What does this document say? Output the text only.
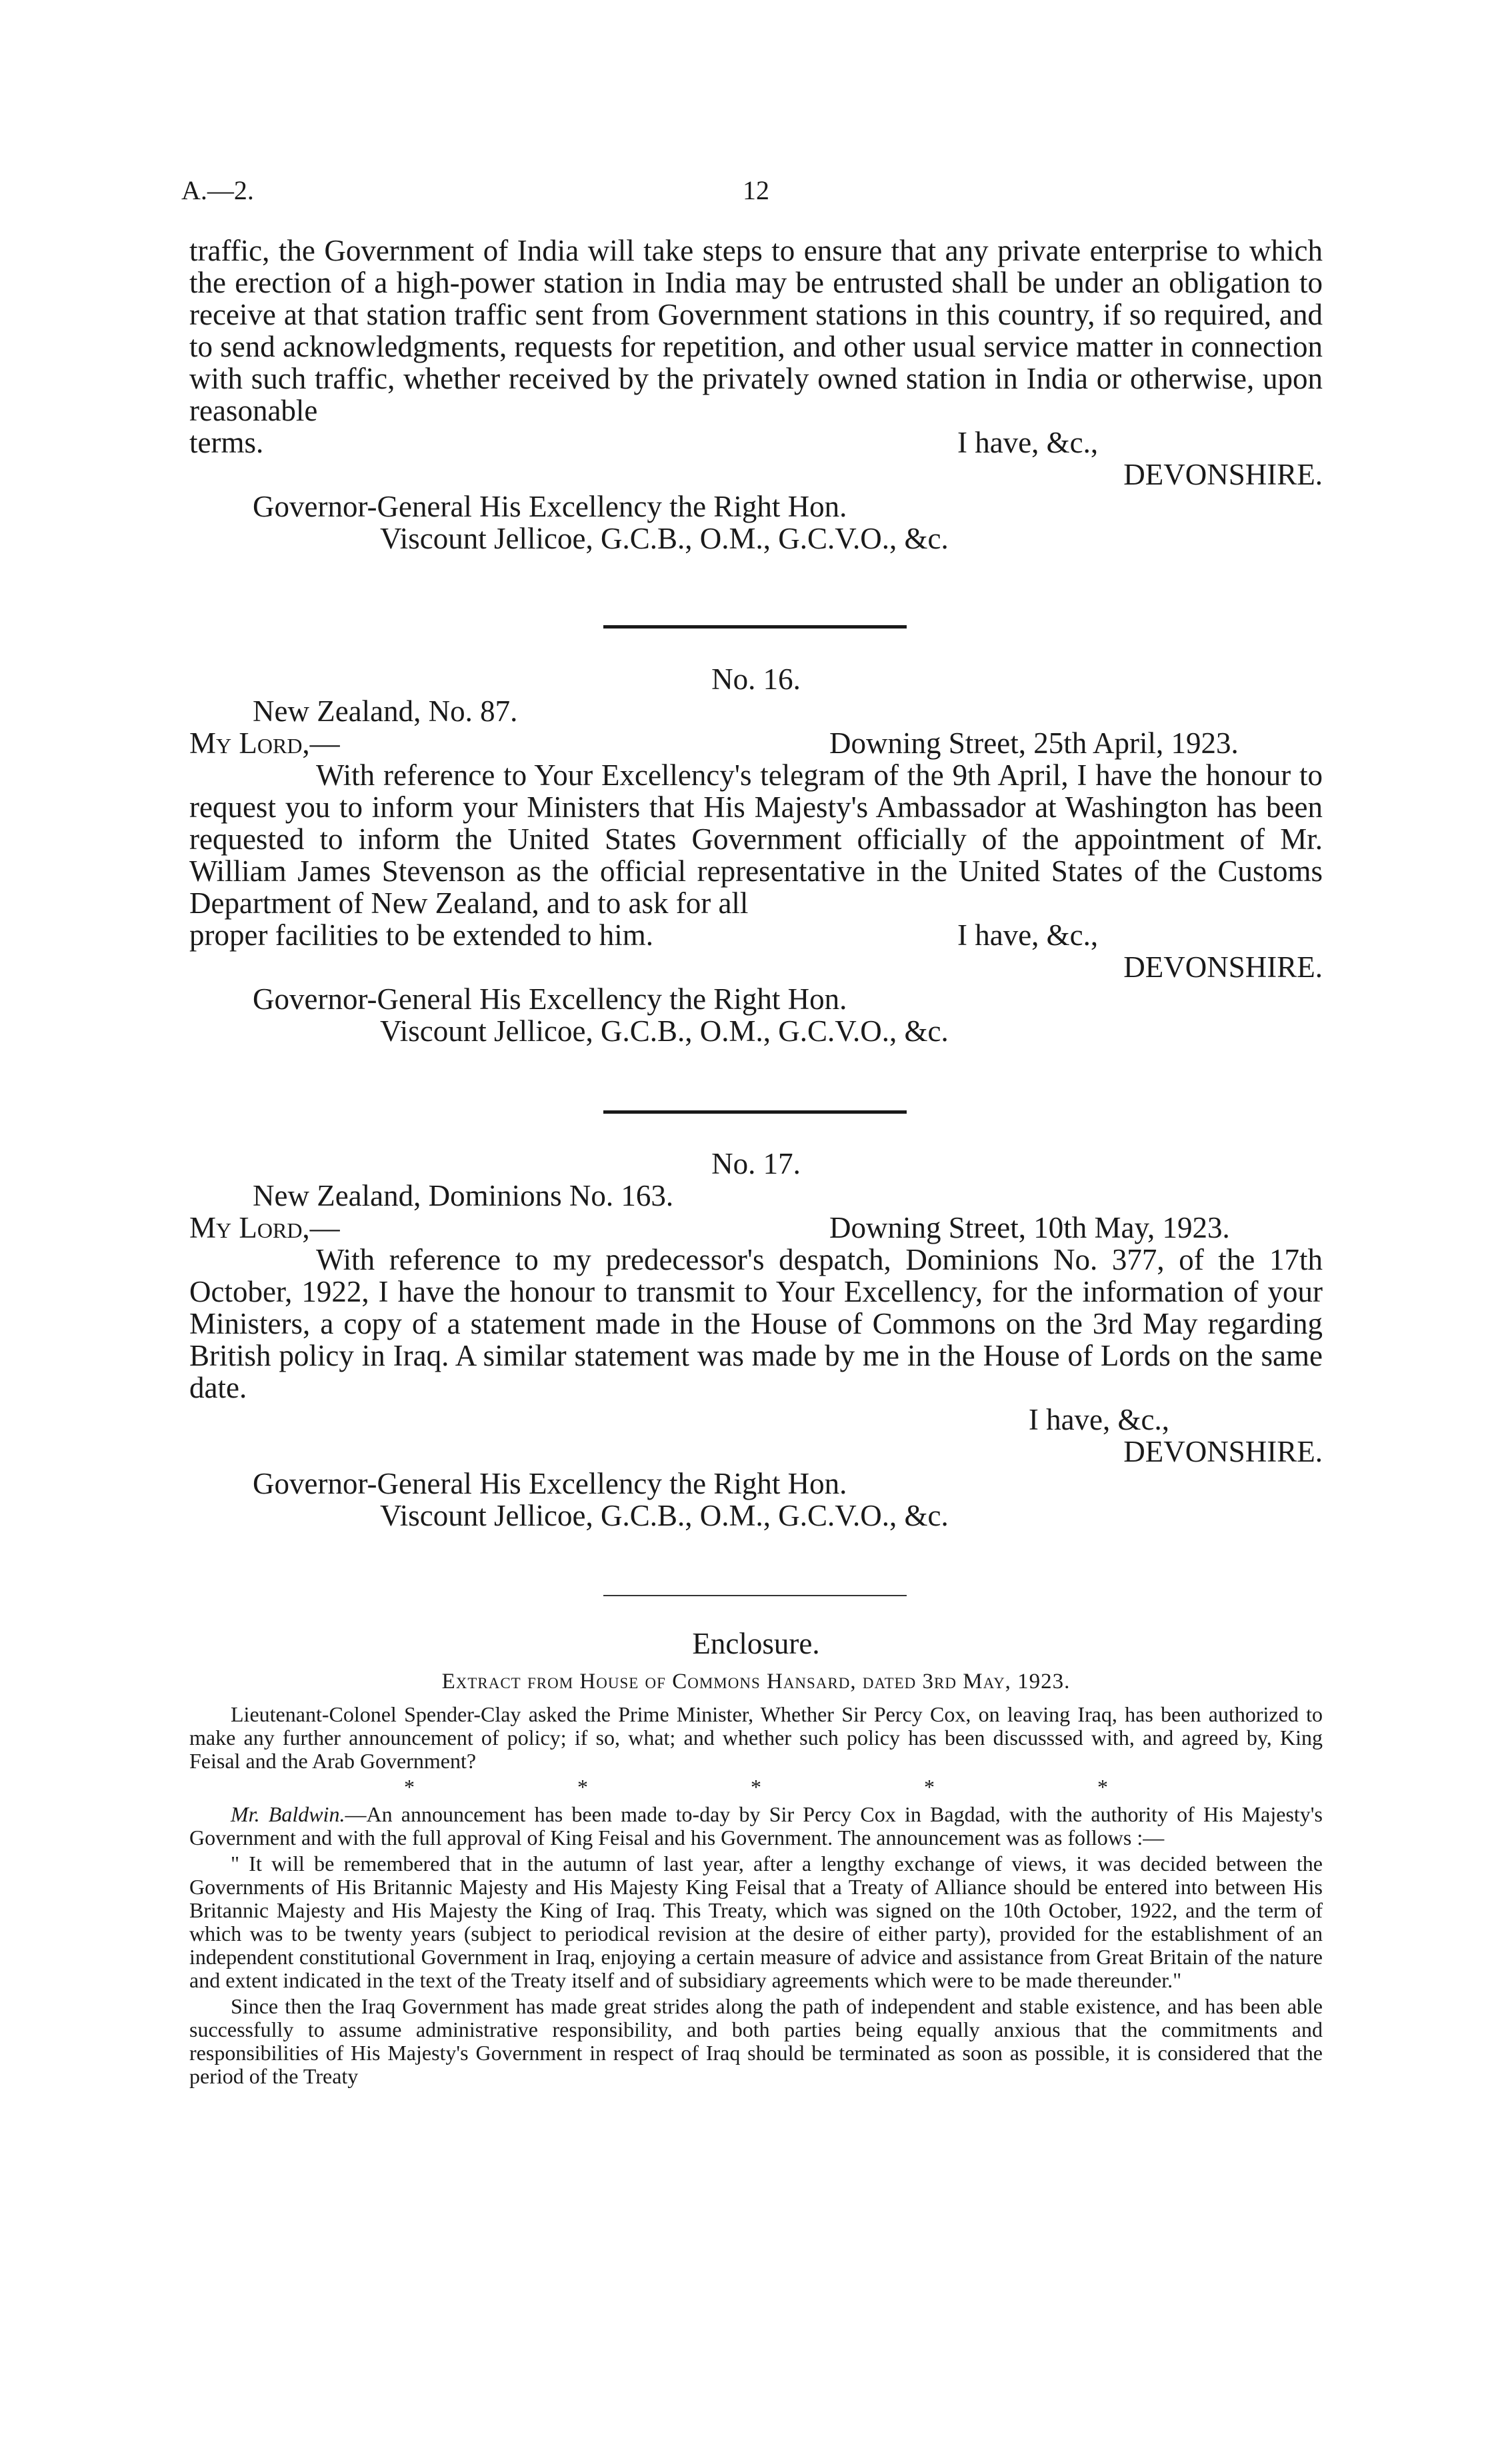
A.—2.	12

traffic, the Government of India will take steps to ensure that any private enterprise to which the erection of a high-power station in India may be entrusted shall be under an obligation to receive at that station traffic sent from Government stations in this country, if so required, and to send acknowledgments, requests for repetition, and other usual service matter in connection with such traffic, whether received by the privately owned station in India or otherwise, upon reasonable

terms.	I have, &c.,

DEVONSHIRE.

Governor-General His Excellency the Right Hon.

Viscount Jellicoe, G.C.B., O.M., G.C.V.O., &c.

No. 16.

New Zealand, No. 87.

My Lord,—	Downing Street, 25th April, 1923.

With reference to Your Excellency's telegram of the 9th April, I have the honour to request you to inform your Ministers that His Majesty's Ambassador at Washington has been requested to inform the United States Government officially of the appointment of Mr. William James Stevenson as the official representative in the United States of the Customs Department of New Zealand, and to ask for all

proper facilities to be extended to him.	I have, &c.,

DEVONSHIRE.

Governor-General His Excellency the Right Hon.

Viscount Jellicoe, G.C.B., O.M., G.C.V.O., &c.

No. 17.

New Zealand, Dominions No. 163.

My Lord,—	Downing Street, 10th May, 1923.

With reference to my predecessor's despatch, Dominions No. 377, of the 17th October, 1922, I have the honour to transmit to Your Excellency, for the information of your Ministers, a copy of a statement made in the House of Commons on the 3rd May regarding British policy in Iraq. A similar statement was made by me in the House of Lords on the same date.

I have, &c.,

DEVONSHIRE.

Governor-General His Excellency the Right Hon.

Viscount Jellicoe, G.C.B., O.M., G.C.V.O., &c.

Enclosure.
Extract from House of Commons Hansard, dated 3rd May, 1923.

Lieutenant-Colonel Spender-Clay asked the Prime Minister, Whether Sir Percy Cox, on leaving Iraq, has been authorized to make any further announcement of policy; if so, what; and whether such policy has been discusssed with, and agreed by, King Feisal and the Arab Government?

*	*	*	*	*

Mr. Baldwin.—An announcement has been made to-day by Sir Percy Cox in Bagdad, with the authority of His Majesty's Government and with the full approval of King Feisal and his Government. The announcement was as follows :—

" It will be remembered that in the autumn of last year, after a lengthy exchange of views, it was decided between the Governments of His Britannic Majesty and His Majesty King Feisal that a Treaty of Alliance should be entered into between His Britannic Majesty and His Majesty the King of Iraq. This Treaty, which was signed on the 10th October, 1922, and the term of which was to be twenty years (subject to periodical revision at the desire of either party), provided for the establishment of an independent constitutional Government in Iraq, enjoying a certain measure of advice and assistance from Great Britain of the nature and extent indicated in the text of the Treaty itself and of subsidiary agreements which were to be made thereunder."

Since then the Iraq Government has made great strides along the path of independent and stable existence, and has been able successfully to assume administrative responsibility, and both parties being equally anxious that the commitments and responsibilities of His Majesty's Government in respect of Iraq should be terminated as soon as possible, it is considered that the period of the Treaty
